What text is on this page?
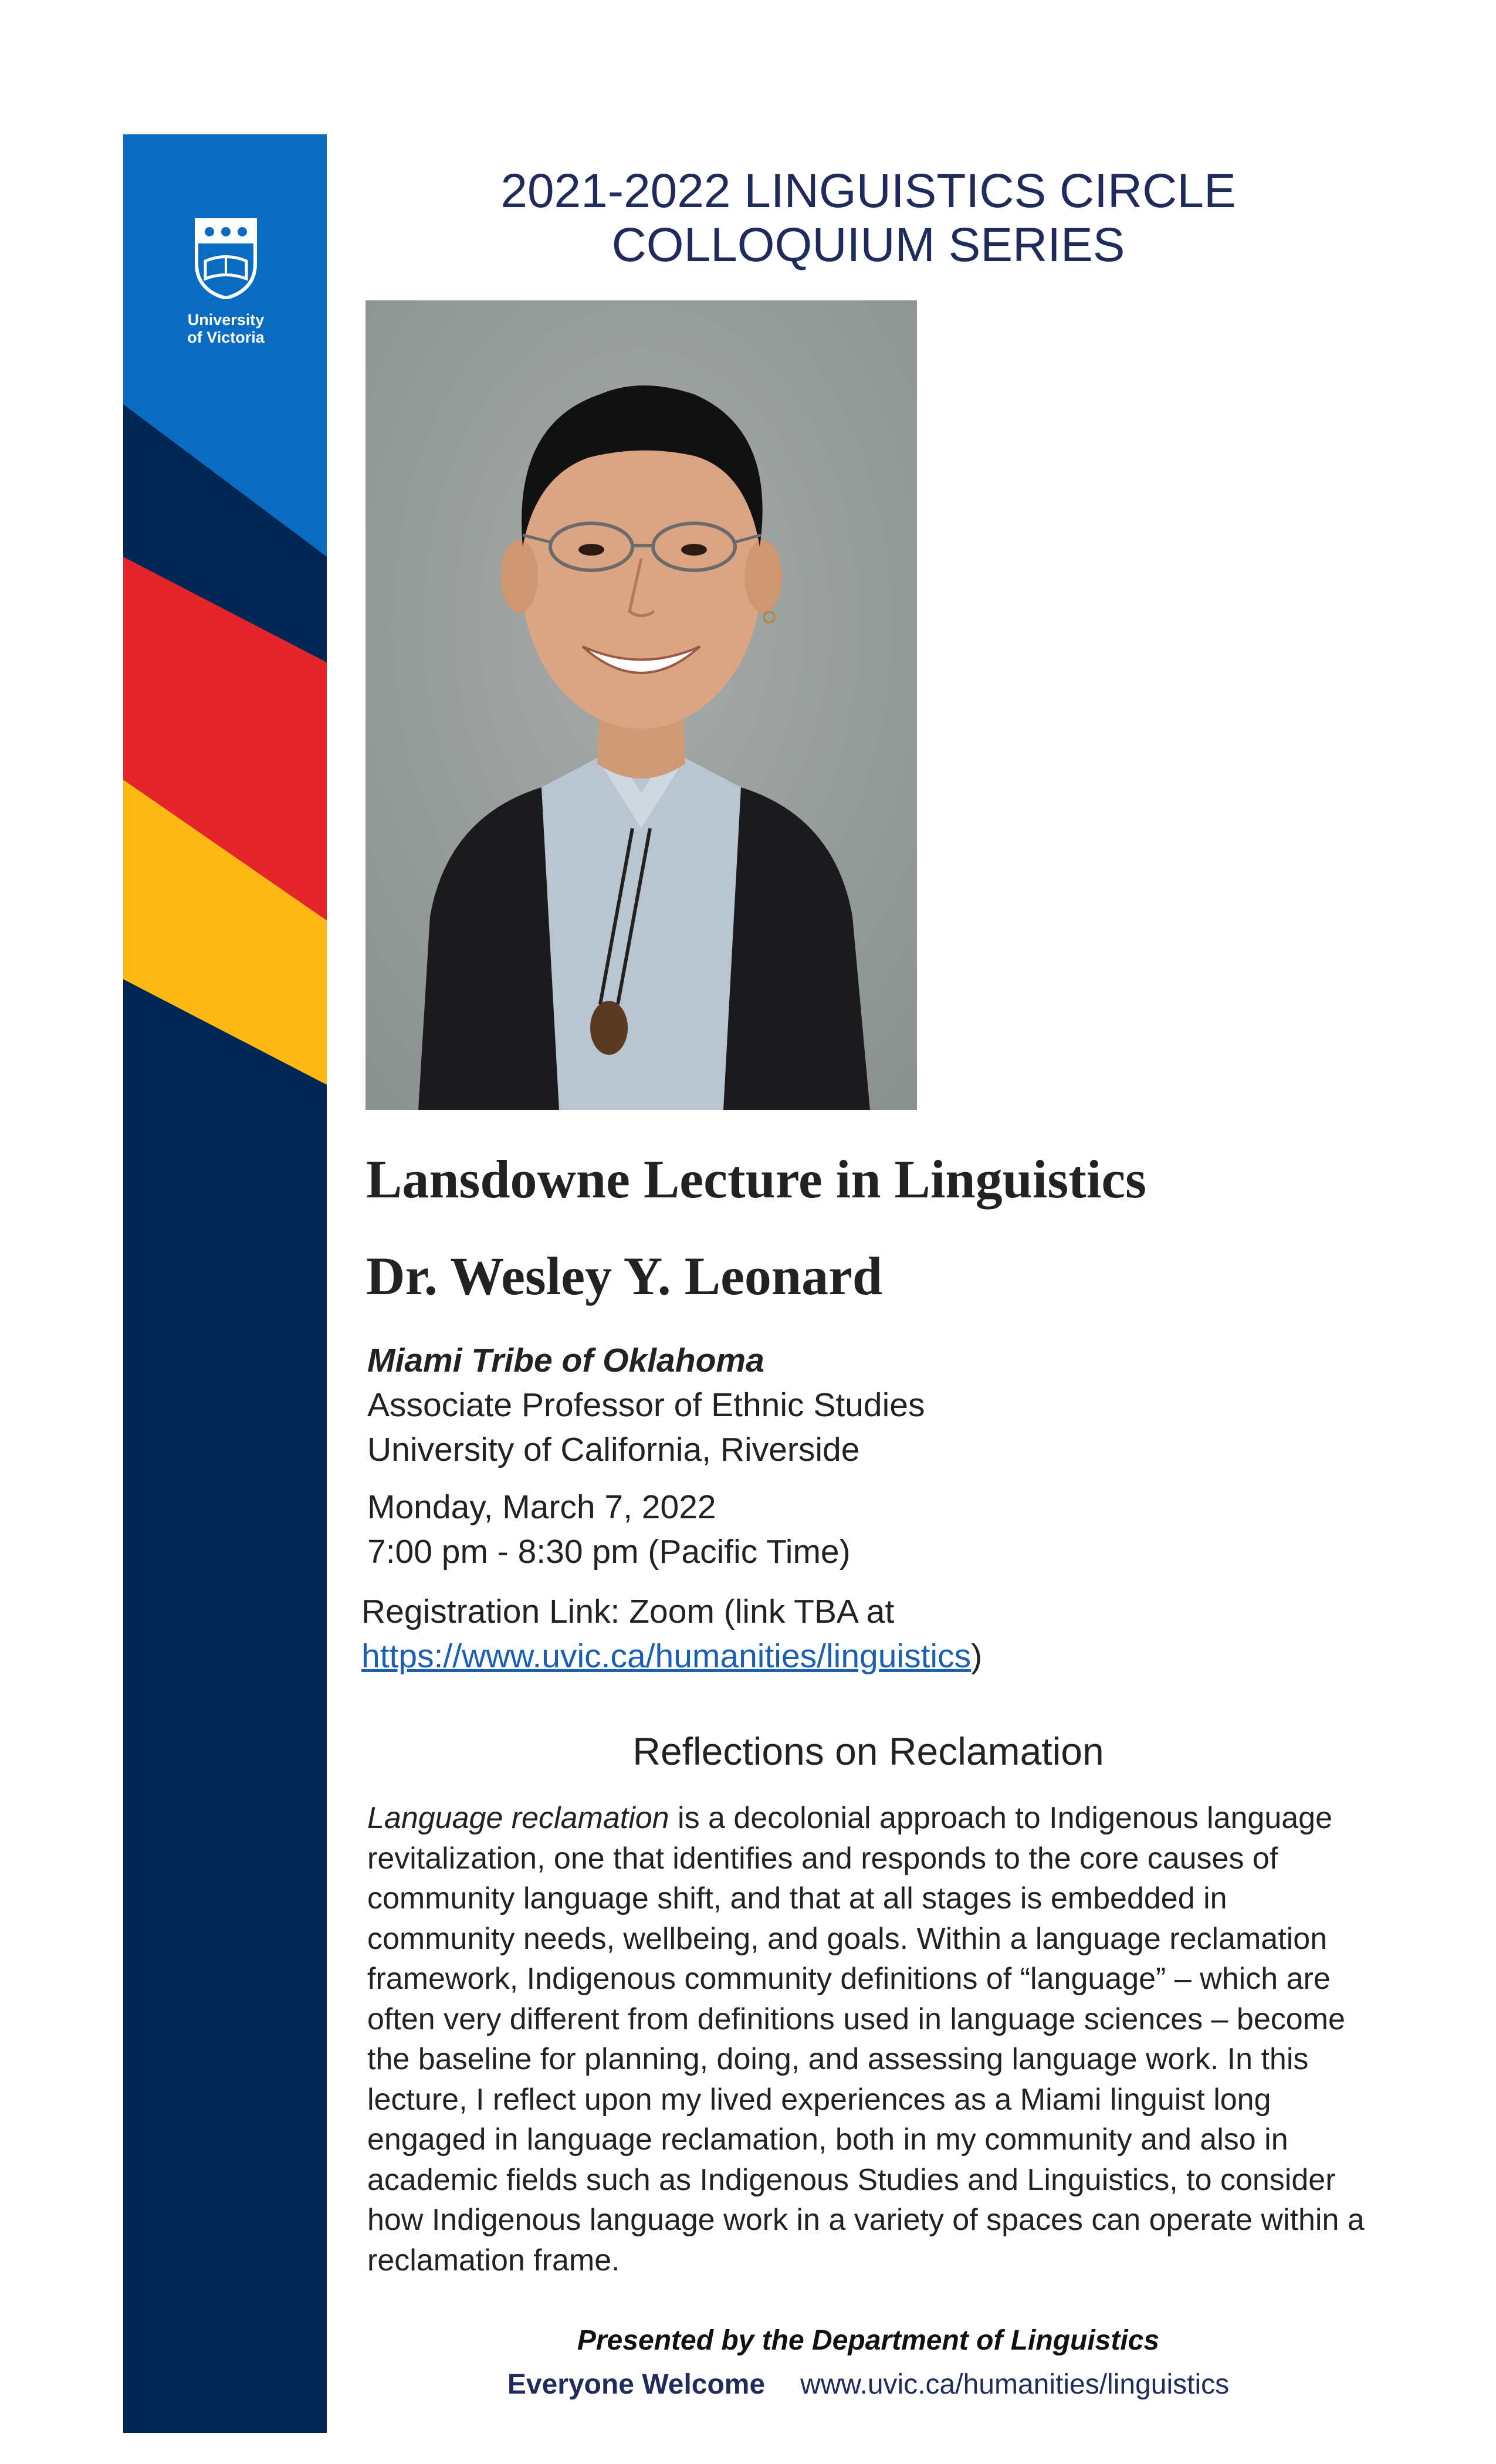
University
of Victoria
2021-2022 LINGUISTICS CIRCLE
COLLOQUIUM SERIES
Lansdowne Lecture in Linguistics
Dr. Wesley Y. Leonard
Miami Tribe of Oklahoma
Associate Professor of Ethnic Studies
University of California, Riverside
Monday, March 7, 2022
7:00 pm - 8:30 pm (Pacific Time)
Registration Link: Zoom (link TBA at
https://www.uvic.ca/humanities/linguistics)
Reflections on Reclamation
Language reclamation is a decolonial approach to Indigenous language revitalization, one that identifies and responds to the core causes of community language shift, and that at all stages is embedded in community needs, wellbeing, and goals. Within a language reclamation framework, Indigenous community definitions of “language” – which are often very different from definitions used in language sciences – become the baseline for planning, doing, and assessing language work. In this lecture, I reflect upon my lived experiences as a Miami linguist long engaged in language reclamation, both in my community and also in academic fields such as Indigenous Studies and Linguistics, to consider how Indigenous language work in a variety of spaces can operate within a reclamation frame.
Presented by the Department of Linguistics
Everyone Welcome www.uvic.ca/humanities/linguistics
